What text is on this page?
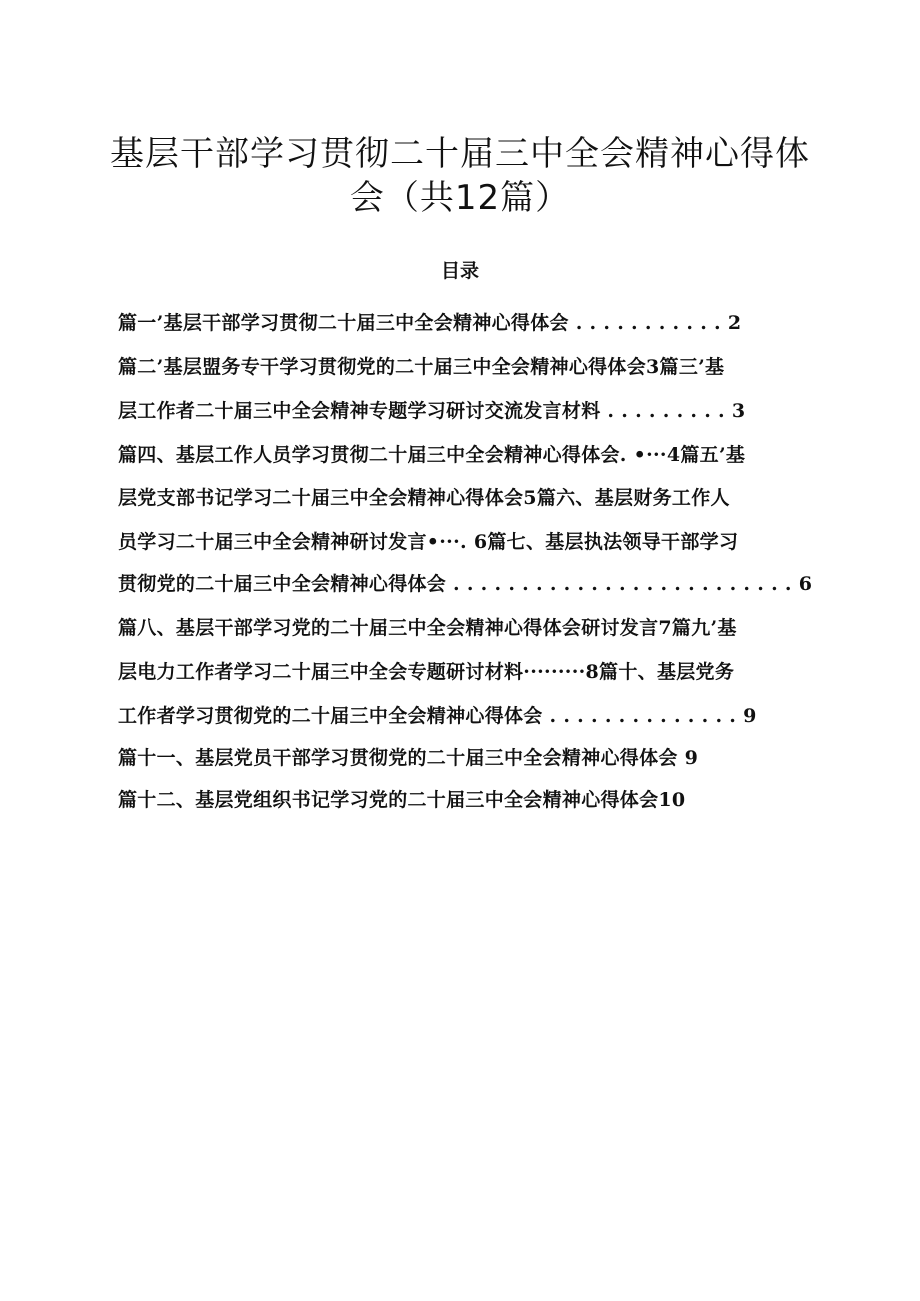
基层干部学习贯彻二十届三中全会精神心得体
会（共12篇）
目录
篇一’基层干部学习贯彻二十届三中全会精神心得体会 . . . . . . . . . . . 2
篇二’基层盟务专干学习贯彻党的二十届三中全会精神心得体会3篇三’基
层工作者二十届三中全会精神专题学习研讨交流发言材料 . . . . . . . . . 3
篇四、基层工作人员学习贯彻二十届三中全会精神心得体会. •···4篇五’基
层党支部书记学习二十届三中全会精神心得体会5篇六、基层财务工作人
员学习二十届三中全会精神研讨发言•···. 6篇七、基层执法领导干部学习
贯彻党的二十届三中全会精神心得体会 . . . . . . . . . . . . . . . . . . . . . . . . . 6
篇八、基层干部学习党的二十届三中全会精神心得体会研讨发言7篇九’基
层电力工作者学习二十届三中全会专题研讨材料·········8篇十、基层党务
工作者学习贯彻党的二十届三中全会精神心得体会 . . . . . . . . . . . . . . 9
篇十一、基层党员干部学习贯彻党的二十届三中全会精神心得体会 9
篇十二、基层党组织书记学习党的二十届三中全会精神心得体会10
